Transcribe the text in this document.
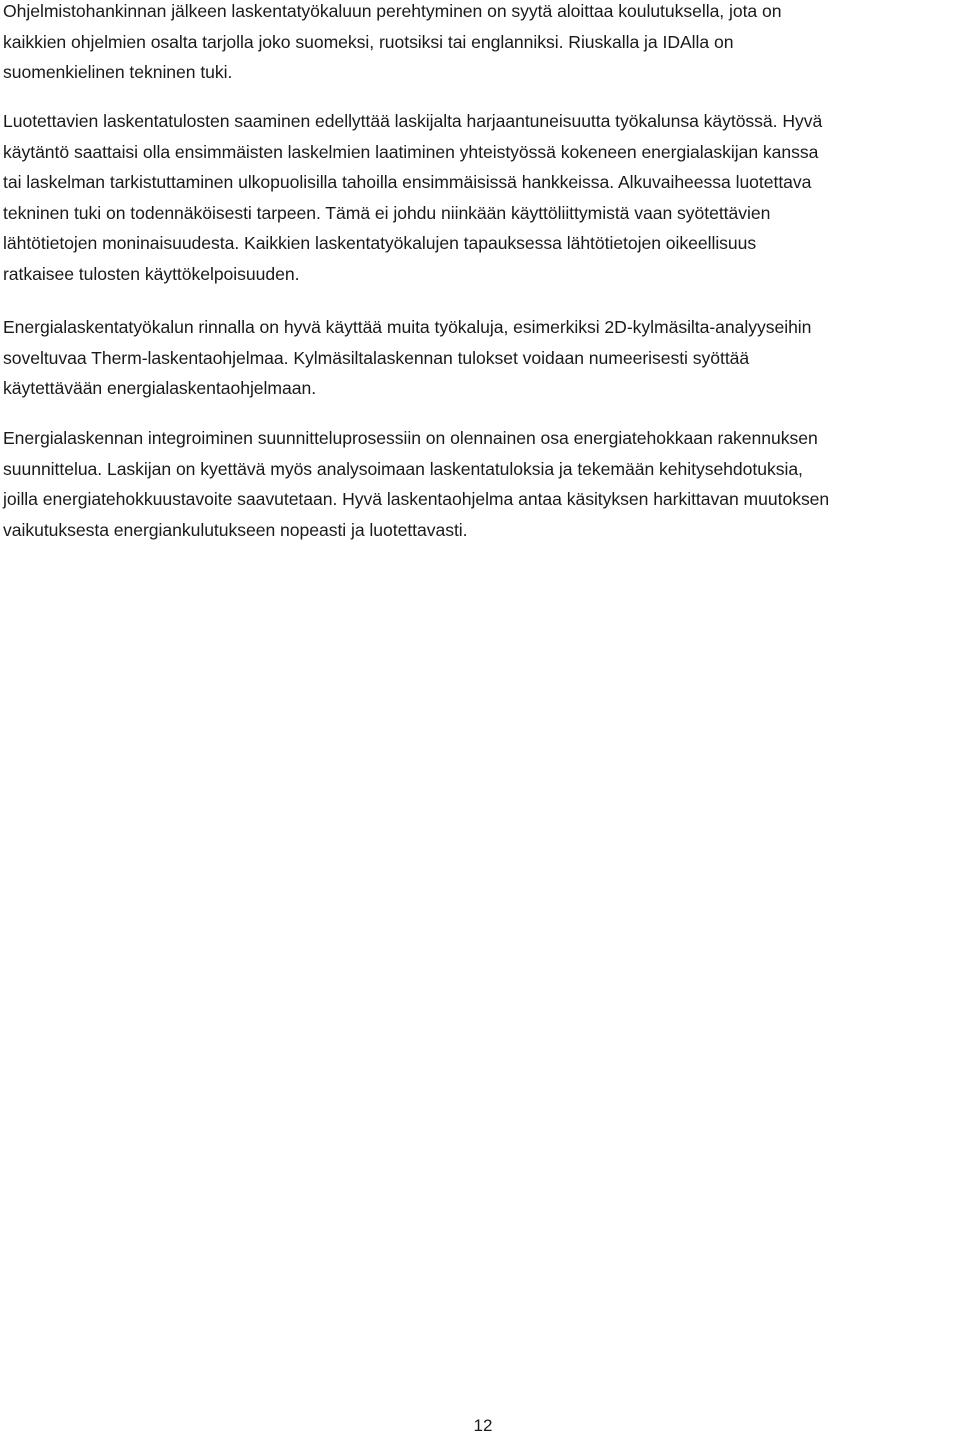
Ohjelmistohankinnan jälkeen laskentatyökaluun perehtyminen on syytä aloittaa koulutuksella, jota on
kaikkien ohjelmien osalta tarjolla joko suomeksi, ruotsiksi tai englanniksi. Riuskalla ja IDAlla on
suomenkielinen tekninen tuki.

Luotettavien laskentatulosten saaminen edellyttää laskijalta harjaantuneisuutta työkalunsa käytössä. Hyvä
käytäntö saattaisi olla ensimmäisten laskelmien laatiminen yhteistyössä kokeneen energialaskijan kanssa
tai laskelman tarkistuttaminen ulkopuolisilla tahoilla ensimmäisissä hankkeissa. Alkuvaiheessa luotettava
tekninen tuki on todennäköisesti tarpeen. Tämä ei johdu niinkään käyttöliittymistä vaan syötettävien
lähtötietojen moninaisuudesta. Kaikkien laskentatyökalujen tapauksessa lähtötietojen oikeellisuus
ratkaisee tulosten käyttökelpoisuuden.

Energialaskentatyökalun rinnalla on hyvä käyttää muita työkaluja, esimerkiksi 2D-kylmäsilta-analyyseihin
soveltuvaa Therm-laskentaohjelmaa. Kylmäsiltalaskennan tulokset voidaan numeerisesti syöttää
käytettävään energialaskentaohjelmaan.

Energialaskennan integroiminen suunnitteluprosessiin on olennainen osa energiatehokkaan rakennuksen
suunnittelua. Laskijan on kyettävä myös analysoimaan laskentatuloksia ja tekemään kehitysehdotuksia,
joilla energiatehokkuustavoite saavutetaan. Hyvä laskentaohjelma antaa käsityksen harkittavan muutoksen
vaikutuksesta energiankulutukseen nopeasti ja luotettavasti.

12
